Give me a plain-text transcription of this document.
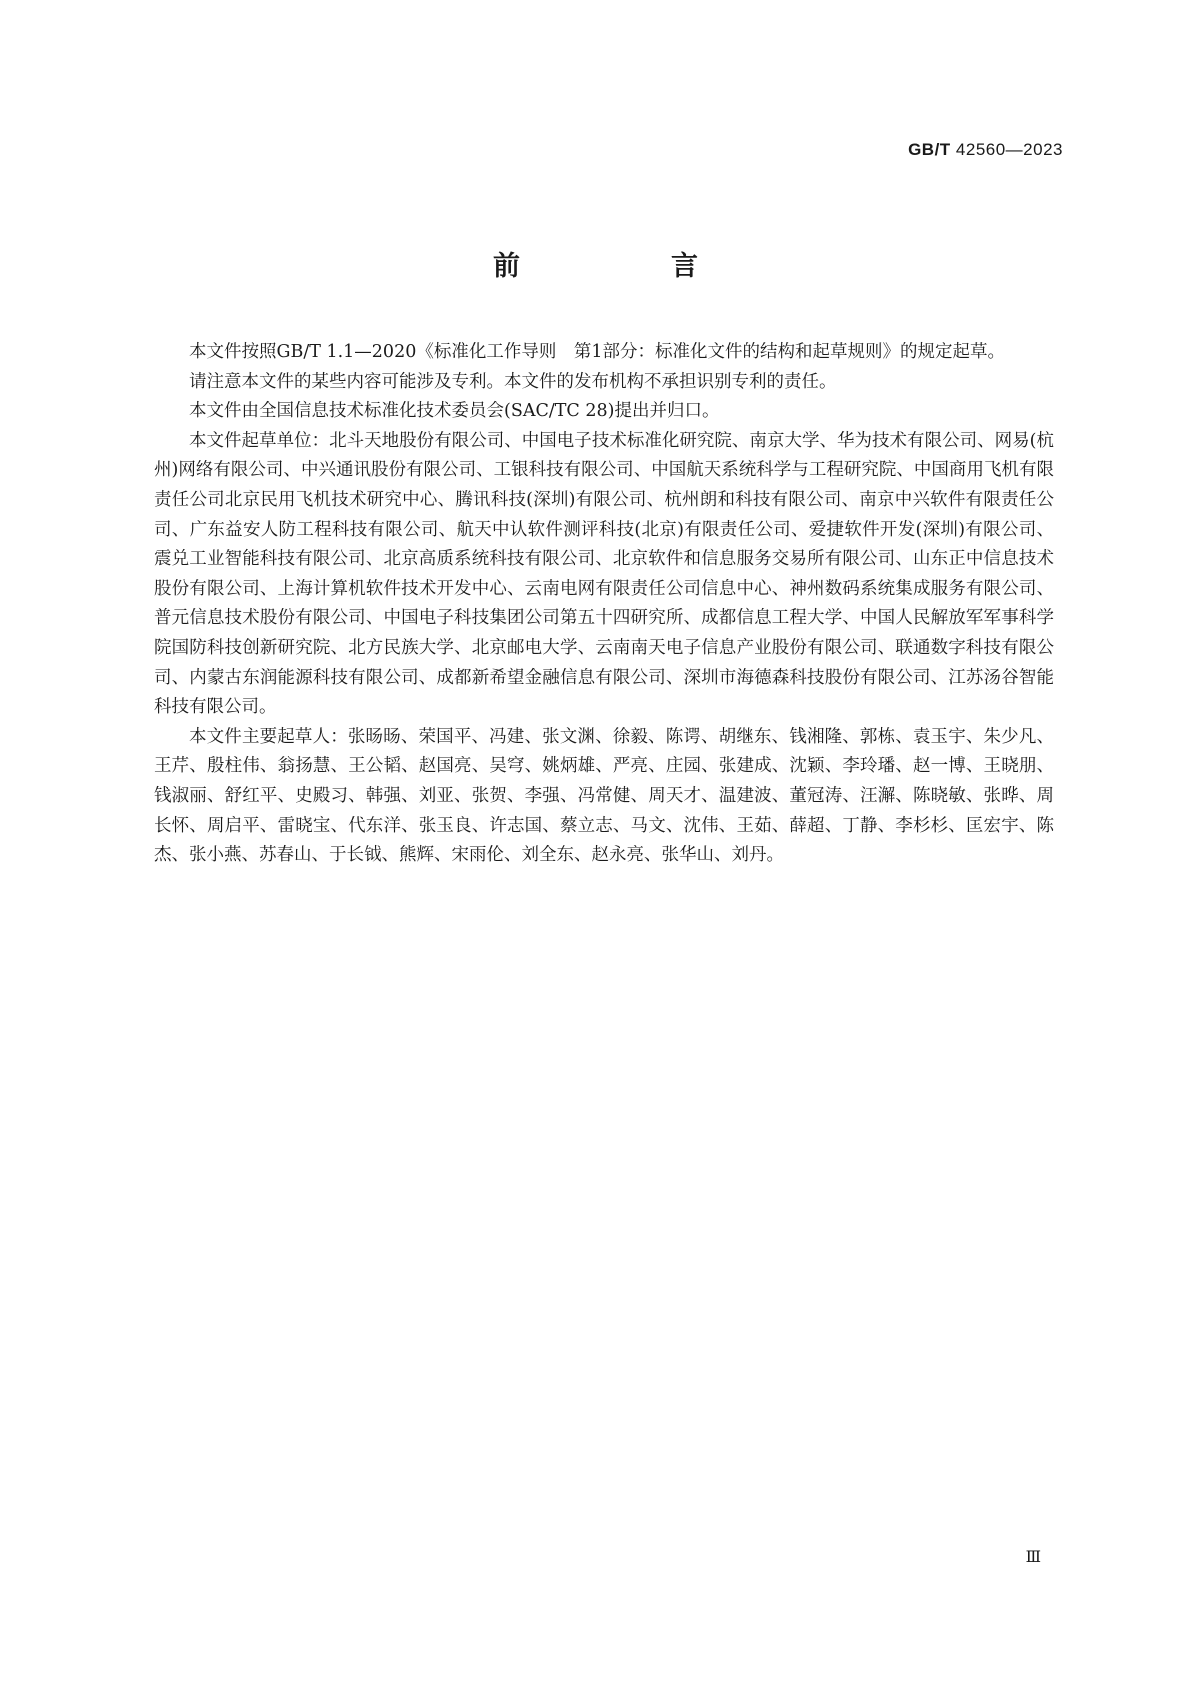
GB/T 42560—2023
前　言

本文件按照GB/T 1.1—2020《标准化工作导则　第1部分：标准化文件的结构和起草规则》的规定起草。

请注意本文件的某些内容可能涉及专利。本文件的发布机构不承担识别专利的责任。

本文件由全国信息技术标准化技术委员会(SAC/TC 28)提出并归口。

本文件起草单位：北斗天地股份有限公司、中国电子技术标准化研究院、南京大学、华为技术有限公司、网易(杭州)网络有限公司、中兴通讯股份有限公司、工银科技有限公司、中国航天系统科学与工程研究院、中国商用飞机有限责任公司北京民用飞机技术研究中心、腾讯科技(深圳)有限公司、杭州朗和科技有限公司、南京中兴软件有限责任公司、广东益安人防工程科技有限公司、航天中认软件测评科技(北京)有限责任公司、爱捷软件开发(深圳)有限公司、震兑工业智能科技有限公司、北京高质系统科技有限公司、北京软件和信息服务交易所有限公司、山东正中信息技术股份有限公司、上海计算机软件技术开发中心、云南电网有限责任公司信息中心、神州数码系统集成服务有限公司、普元信息技术股份有限公司、中国电子科技集团公司第五十四研究所、成都信息工程大学、中国人民解放军军事科学院国防科技创新研究院、北方民族大学、北京邮电大学、云南南天电子信息产业股份有限公司、联通数字科技有限公司、内蒙古东润能源科技有限公司、成都新希望金融信息有限公司、深圳市海德森科技股份有限公司、江苏汤谷智能科技有限公司。

本文件主要起草人：张旸旸、荣国平、冯建、张文渊、徐毅、陈谔、胡继东、钱湘隆、郭栋、袁玉宇、朱少凡、王芹、殷柱伟、翁扬慧、王公韬、赵国亮、吴穹、姚炳雄、严亮、庄园、张建成、沈颖、李玲璠、赵一博、王晓朋、钱淑丽、舒红平、史殿习、韩强、刘亚、张贺、李强、冯常健、周天才、温建波、董冠涛、汪澥、陈晓敏、张晔、周长怀、周启平、雷晓宝、代东洋、张玉良、许志国、蔡立志、马文、沈伟、王茹、薛超、丁静、李杉杉、匡宏宇、陈杰、张小燕、苏春山、于长钺、熊辉、宋雨伦、刘全东、赵永亮、张华山、刘丹。

Ⅲ
